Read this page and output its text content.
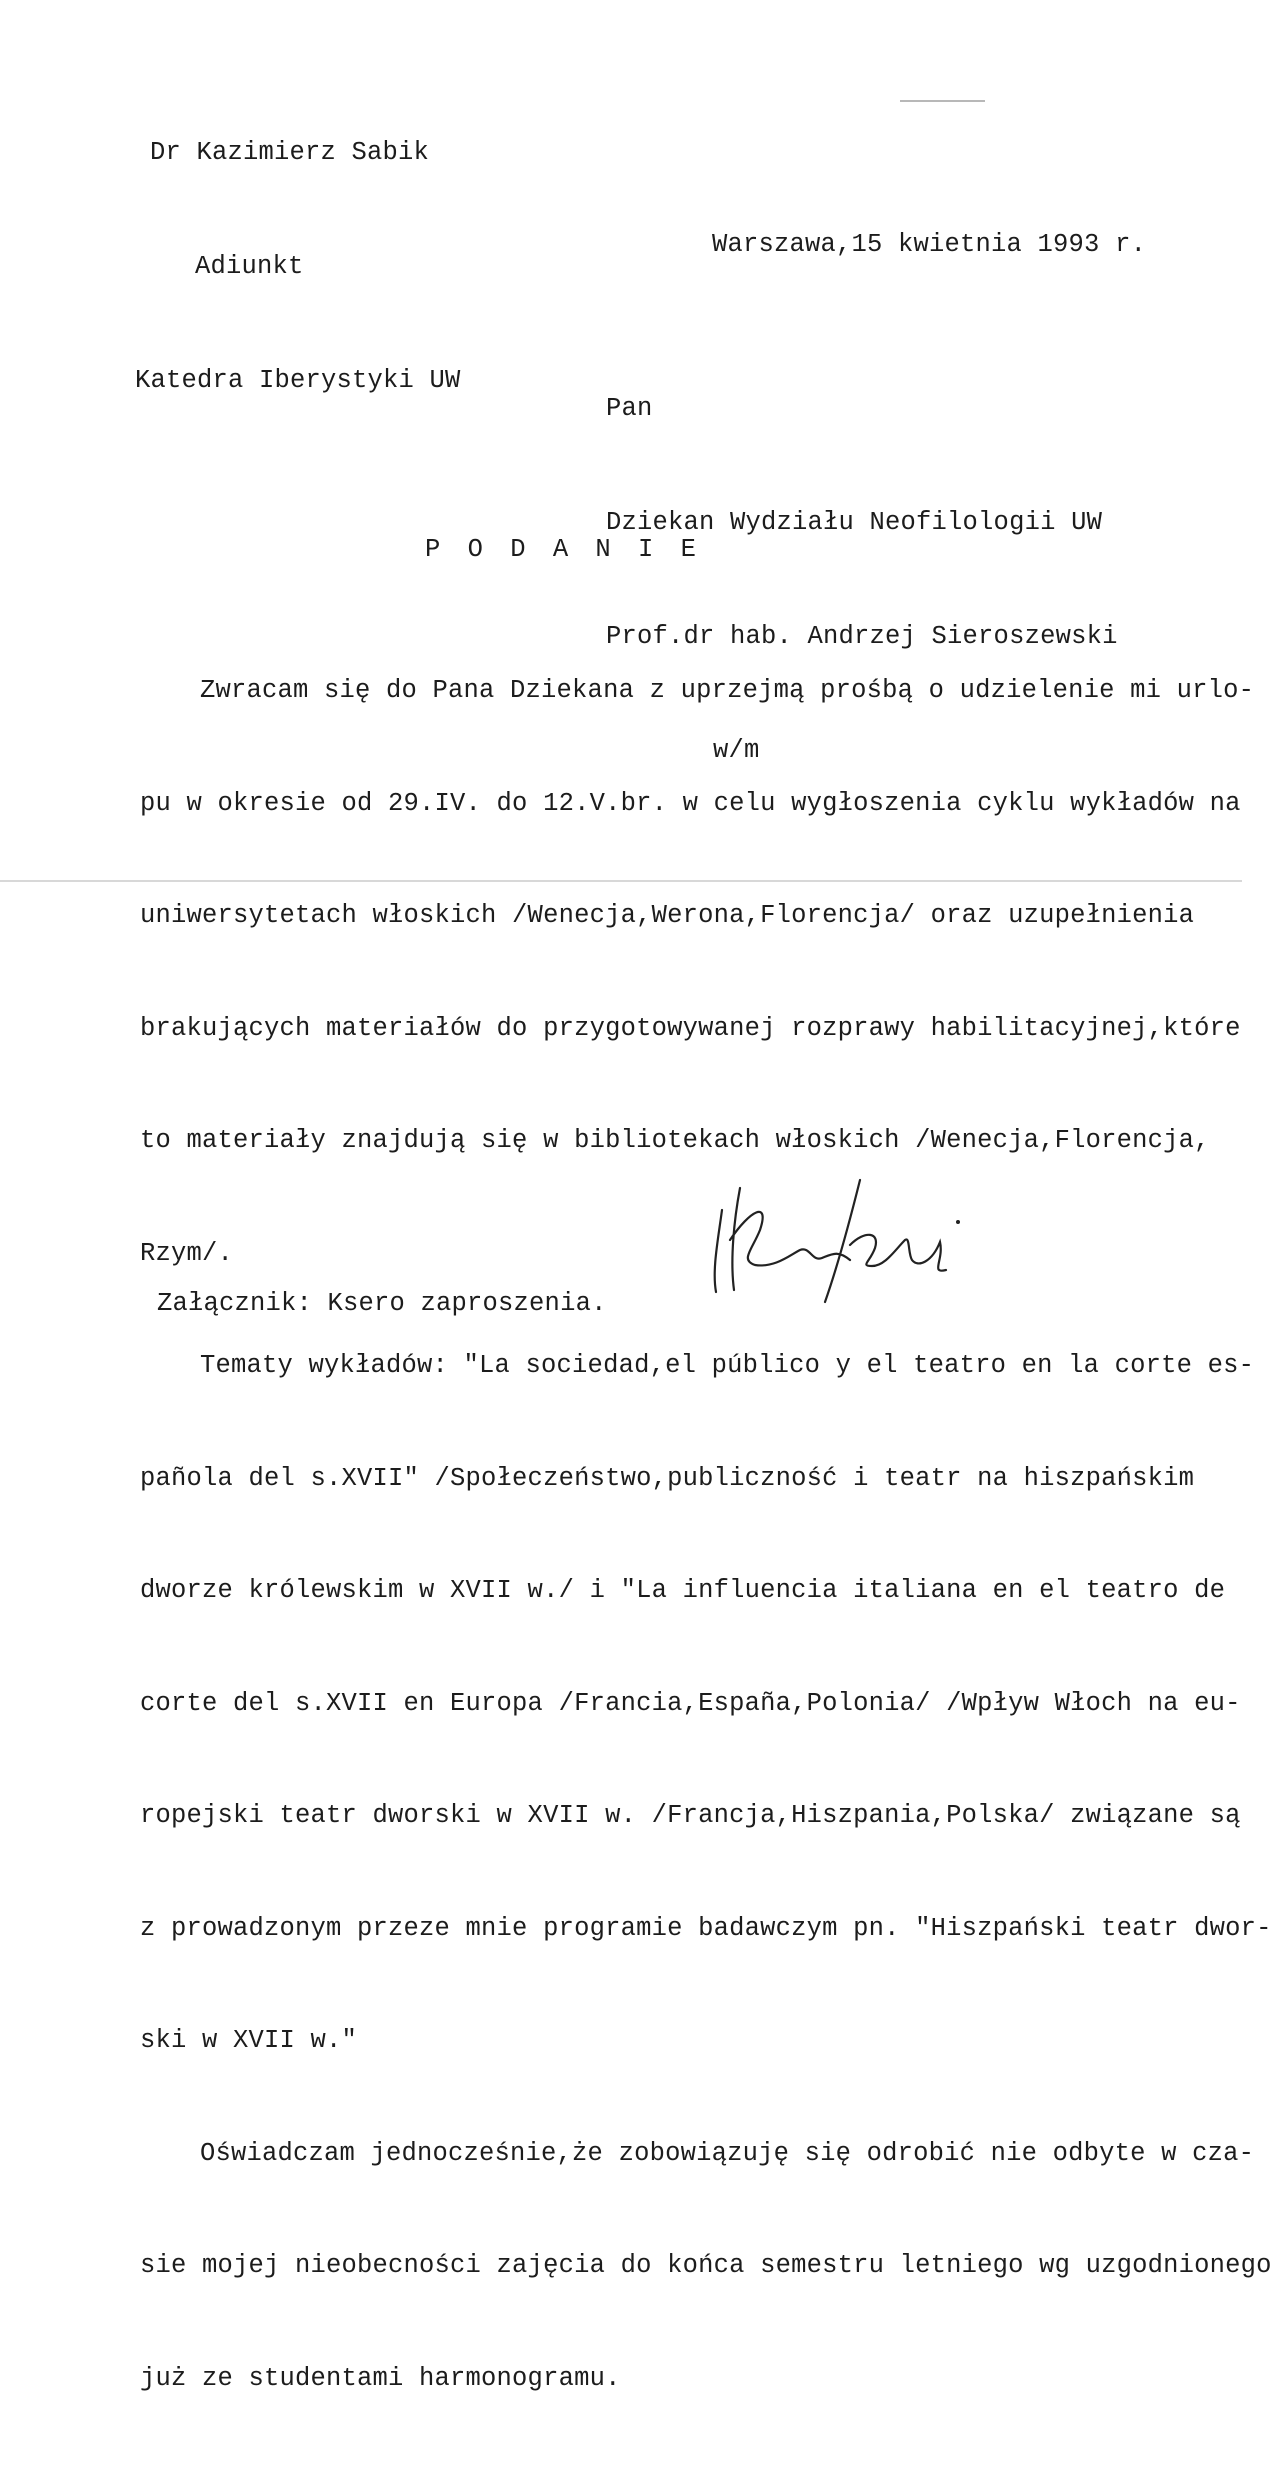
Dr Kazimierz Sabik

Adiunkt

Katedra Iberystyki UW

Warszawa,15 kwietnia 1993 r.

Pan

Dziekan Wydziału Neofilologii UW

Prof.dr hab. Andrzej Sieroszewski

w/m

P O D A N I E

Zwracam się do Pana Dziekana z uprzejmą prośbą o udzielenie mi urlo-

pu w okresie od 29.IV. do 12.V.br. w celu wygłoszenia cyklu wykładów na

uniwersytetach włoskich /Wenecja,Werona,Florencja/ oraz uzupełnienia

brakujących materiałów do przygotowywanej rozprawy habilitacyjnej,które

to materiały znajdują się w bibliotekach włoskich /Wenecja,Florencja,

Rzym/.

Tematy wykładów: "La sociedad,el público y el teatro en la corte es-

pañola del s.XVII" /Społeczeństwo,publiczność i teatr na hiszpańskim

dworze królewskim w XVII w./ i "La influencia italiana en el teatro de

corte del s.XVII en Europa /Francia,España,Polonia/ /Wpływ Włoch na eu-

ropejski teatr dworski w XVII w. /Francja,Hiszpania,Polska/ związane są

z prowadzonym przeze mnie programie badawczym pn. "Hiszpański teatr dwor-

ski w XVII w."

Oświadczam jednocześnie,że zobowiązuję się odrobić nie odbyte w cza-

sie mojej nieobecności zajęcia do końca semestru letniego wg uzgodnionego

już ze studentami harmonogramu.

Załącznik: Ksero zaproszenia.
